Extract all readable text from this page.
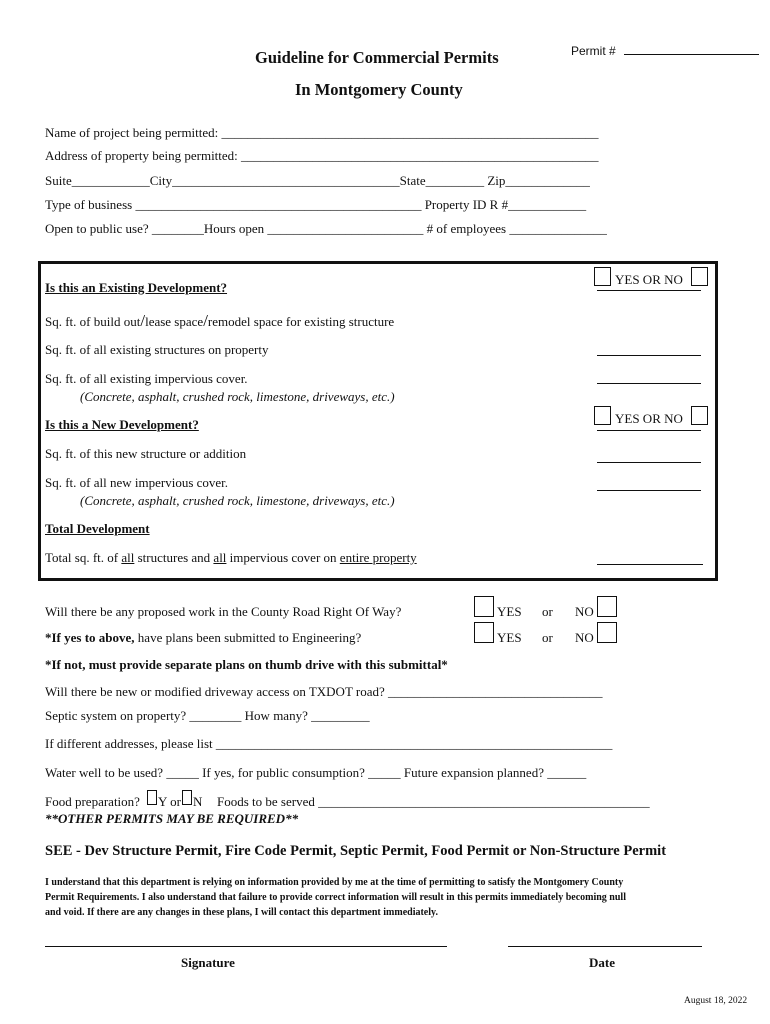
Guideline for Commercial Permits
In Montgomery County
Permit #
Name of project being permitted: __________________________________________________________
Address of property being permitted: _______________________________________________________
Suite____________City___________________________________State_________ Zip_____________
Type of business ____________________________________________ Property ID R #____________
Open to public use? ________Hours open ________________________ # of employees _______________
Is this an Existing Development?
YES OR NO
Sq. ft. of build out/lease space/remodel space for existing structure
Sq. ft. of all existing structures on property
Sq. ft. of all existing impervious cover.
(Concrete, asphalt, crushed rock, limestone, driveways, etc.)
Is this a New Development?	YES OR NO
Sq. ft. of this new structure or addition
Sq. ft. of all new impervious cover.
(Concrete, asphalt, crushed rock, limestone, driveways, etc.)
Total Development
Total sq. ft. of all structures and all impervious cover on entire property
Will there be any proposed work in the County Road Right Of Way?	YES or NO
*If yes to above, have plans been submitted to Engineering?	YES or NO
*If not, must provide separate plans on thumb drive with this submittal*
Will there be new or modified driveway access on TXDOT road? _________________________________
Septic system on property? ________ How many? _________
If different addresses, please list _____________________________________________________________
Water well to be used? _____ If yes, for public consumption? _____ Future expansion planned? ______
Food preparation? Y or N Foods to be served ___________________________________________________
**OTHER PERMITS MAY BE REQUIRED**
SEE - Dev Structure Permit, Fire Code Permit, Septic Permit, Food Permit or Non-Structure Permit
I understand that this department is relying on information provided by me at the time of permitting to satisfy the Montgomery County
Permit Requirements. I also understand that failure to provide correct information will result in this permits immediately becoming null
and void. If there are any changes in these plans, I will contact this department immediately.
Signature	Date
August 18, 2022
